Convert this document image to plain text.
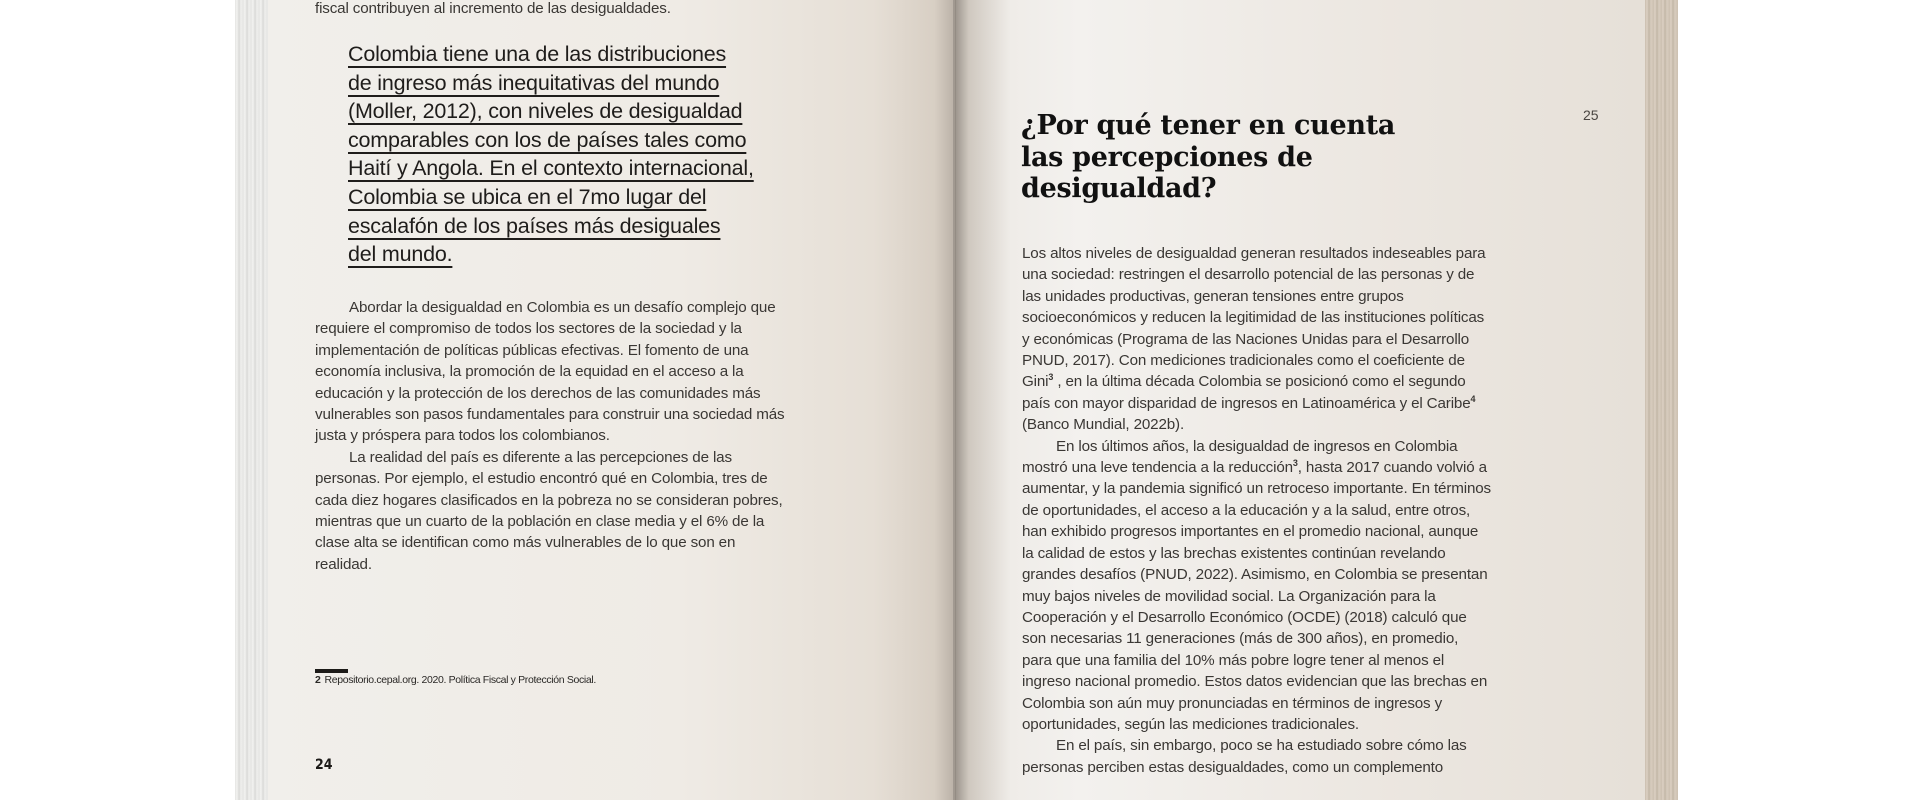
fiscal contribuyen al incremento de las desigualdades.
Colombia tiene una de las distribuciones
de ingreso más inequitativas del mundo
(Moller, 2012), con niveles de desigualdad
comparables con los de países tales como
Haití y Angola. En el contexto internacional,
Colombia se ubica en el 7mo lugar del
escalafón de los países más desiguales
del mundo.

Abordar la desigualdad en Colombia es un desafío complejo que requiere el compromiso de todos los sectores de la sociedad y la implementación de políticas públicas efectivas. El fomento de una economía inclusiva, la promoción de la equidad en el acceso a la educación y la protección de los derechos de las comunidades más vulnerables son pasos fundamentales para construir una sociedad más justa y próspera para todos los colombianos.

La realidad del país es diferente a las percepciones de las personas. Por ejemplo, el estudio encontró qué en Colombia, tres de cada diez hogares clasificados en la pobreza no se consideran pobres, mientras que un cuarto de la población en clase media y el 6% de la clase alta se identifican como más vulnerables de lo que son en realidad.

2 Repositorio.cepal.org. 2020. Política Fiscal y Protección Social.
24
25
¿Por qué tener en cuenta
las percepciones de
desigualdad?

Los altos niveles de desigualdad generan resultados indeseables para una sociedad: restringen el desarrollo potencial de las personas y de las unidades productivas, generan tensiones entre grupos socioeconómicos y reducen la legitimidad de las instituciones políticas y económicas (Programa de las Naciones Unidas para el Desarrollo PNUD, 2017). Con mediciones tradicionales como el coeficiente de Gini$^3$ , en la última década Colombia se posicionó como el segundo país con mayor disparidad de ingresos en Latinoamérica y el Caribe$^4$ (Banco Mundial, 2022b).

En los últimos años, la desigualdad de ingresos en Colombia mostró una leve tendencia a la reducción$^3$, hasta 2017 cuando volvió a aumentar, y la pandemia significó un retroceso importante. En términos de oportunidades, el acceso a la educación y a la salud, entre otros, han exhibido progresos importantes en el promedio nacional, aunque la calidad de estos y las brechas existentes continúan revelando grandes desafíos (PNUD, 2022). Asimismo, en Colombia se presentan muy bajos niveles de movilidad social. La Organización para la Cooperación y el Desarrollo Económico (OCDE) (2018) calculó que son necesarias 11 generaciones (más de 300 años), en promedio, para que una familia del 10% más pobre logre tener al menos el ingreso nacional promedio. Estos datos evidencian que las brechas en Colombia son aún muy pronunciadas en términos de ingresos y oportunidades, según las mediciones tradicionales.

En el país, sin embargo, poco se ha estudiado sobre cómo las personas perciben estas desigualdades, como un complemento
